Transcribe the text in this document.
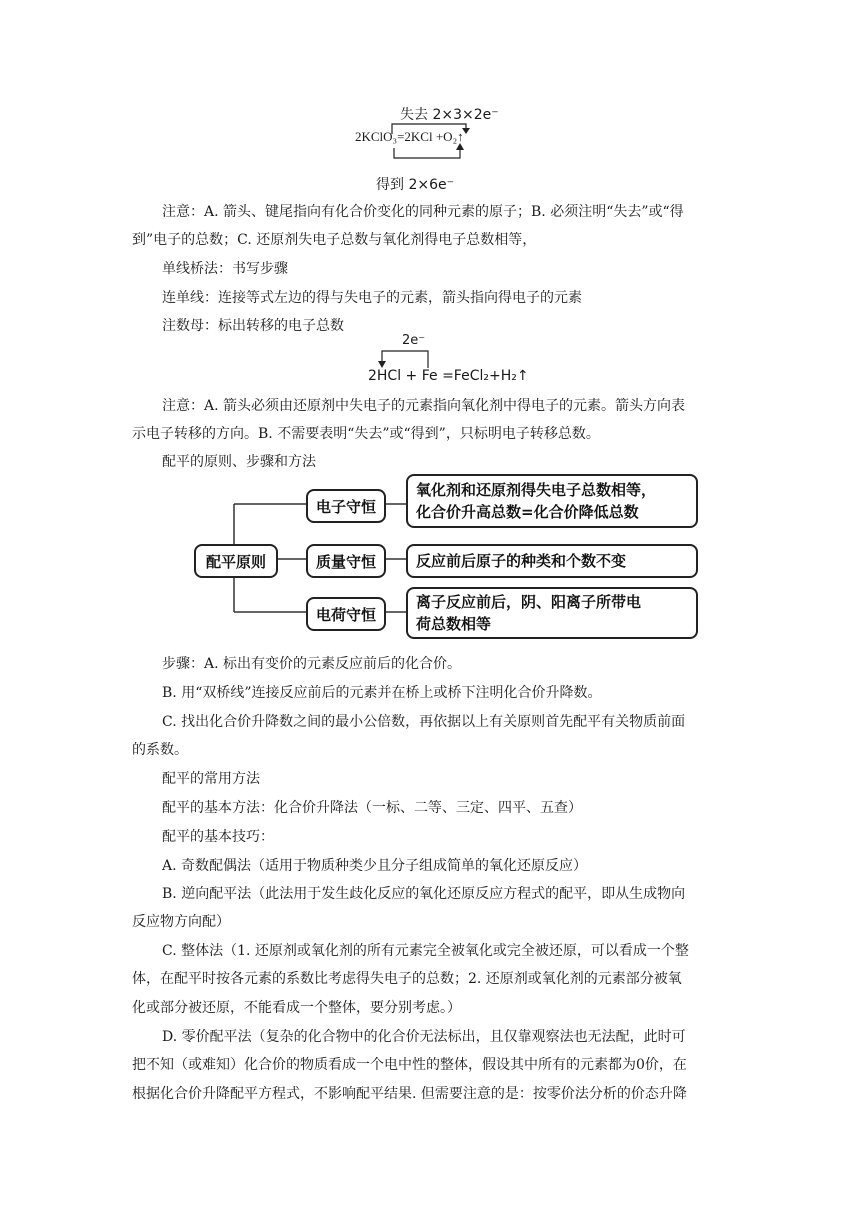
失去 2×3×2e⁻
2KClO₃=2KCl +O₂↑
得到 2×6e⁻
注意：A. 箭头、键尾指向有化合价变化的同种元素的原子；B. 必须注明“失去”或“得
到”电子的总数；C. 还原剂失电子总数与氧化剂得电子总数相等，
单线桥法：书写步骤
连单线：连接等式左边的得与失电子的元素，箭头指向得电子的元素
注数母：标出转移的电子总数
2e⁻
2HCl + Fe =FeCl₂+H₂↑
注意：A. 箭头必须由还原剂中失电子的元素指向氧化剂中得电子的元素。箭头方向表
示电子转移的方向。B. 不需要表明“失去”或“得到”，只标明电子转移总数。
配平的原则、步骤和方法
配平原则
电子守恒
氧化剂和还原剂得失电子总数相等，
化合价升高总数=化合价降低总数
质量守恒	反应前后原子的种类和个数不变
电荷守恒
离子反应前后，阴、阳离子所带电
荷总数相等
步骤：A. 标出有变价的元素反应前后的化合价。
B. 用“双桥线”连接反应前后的元素并在桥上或桥下注明化合价升降数。
C. 找出化合价升降数之间的最小公倍数，再依据以上有关原则首先配平有关物质前面
的系数。
配平的常用方法
配平的基本方法：化合价升降法（一标、二等、三定、四平、五查）
配平的基本技巧：
A. 奇数配偶法（适用于物质种类少且分子组成简单的氧化还原反应）
B. 逆向配平法（此法用于发生歧化反应的氧化还原反应方程式的配平，即从生成物向
反应物方向配）
C. 整体法（1. 还原剂或氧化剂的所有元素完全被氧化或完全被还原，可以看成一个整
体，在配平时按各元素的系数比考虑得失电子的总数；2. 还原剂或氧化剂的元素部分被氧
化或部分被还原，不能看成一个整体，要分别考虑。）
D. 零价配平法（复杂的化合物中的化合价无法标出，且仅靠观察法也无法配，此时可
把不知（或难知）化合价的物质看成一个电中性的整体，假设其中所有的元素都为0价，在
根据化合价升降配平方程式，不影响配平结果. 但需要注意的是：按零价法分析的价态升降
